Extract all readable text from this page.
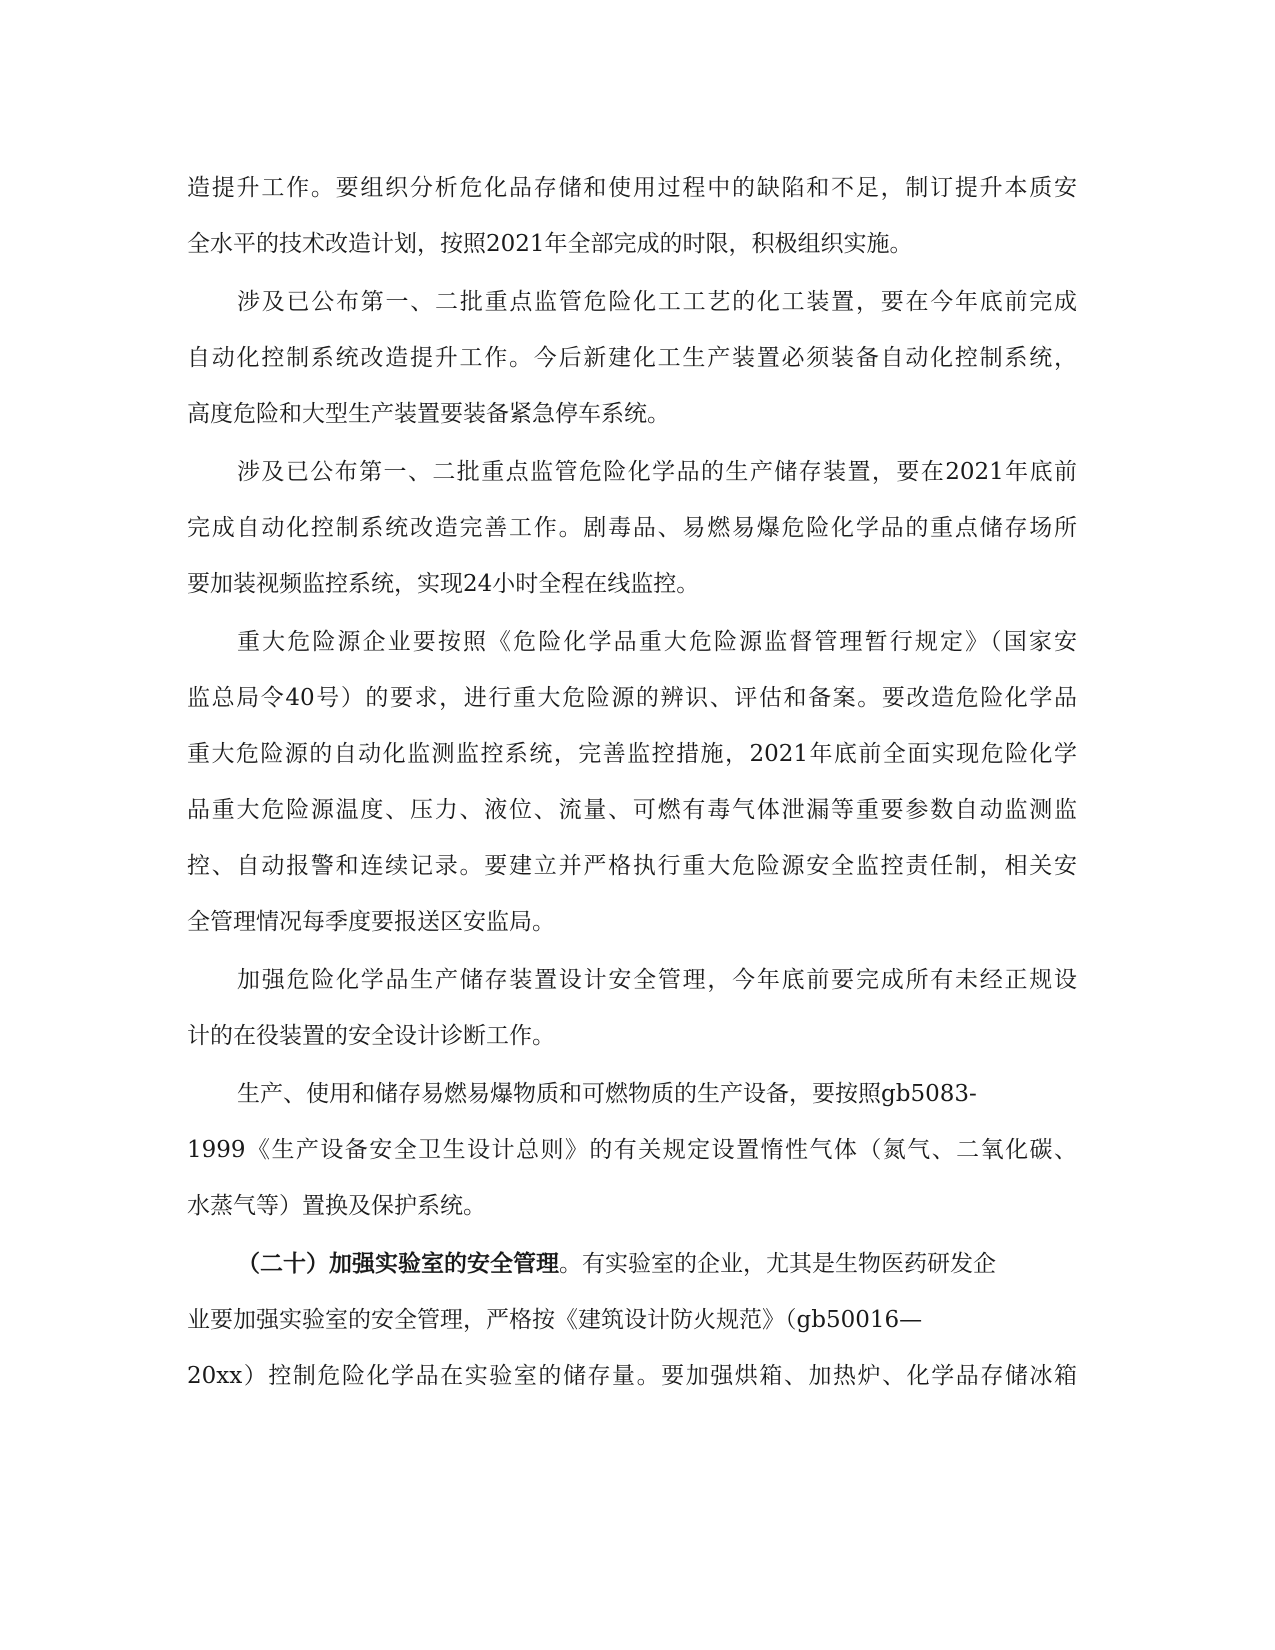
造提升工作。要组织分析危化品存储和使用过程中的缺陷和不足，制订提升本质安
全水平的技术改造计划，按照2021年全部完成的时限，积极组织实施。
涉及已公布第一、二批重点监管危险化工工艺的化工装置，要在今年底前完成
自动化控制系统改造提升工作。今后新建化工生产装置必须装备自动化控制系统，
高度危险和大型生产装置要装备紧急停车系统。
涉及已公布第一、二批重点监管危险化学品的生产储存装置，要在2021年底前
完成自动化控制系统改造完善工作。剧毒品、易燃易爆危险化学品的重点储存场所
要加装视频监控系统，实现24小时全程在线监控。
重大危险源企业要按照《危险化学品重大危险源监督管理暂行规定》（国家安
监总局令40号）的要求，进行重大危险源的辨识、评估和备案。要改造危险化学品
重大危险源的自动化监测监控系统，完善监控措施，2021年底前全面实现危险化学
品重大危险源温度、压力、液位、流量、可燃有毒气体泄漏等重要参数自动监测监
控、自动报警和连续记录。要建立并严格执行重大危险源安全监控责任制，相关安
全管理情况每季度要报送区安监局。
加强危险化学品生产储存装置设计安全管理，今年底前要完成所有未经正规设
计的在役装置的安全设计诊断工作。
生产、使用和储存易燃易爆物质和可燃物质的生产设备，要按照gb5083-
1999《生产设备安全卫生设计总则》的有关规定设置惰性气体（氮气、二氧化碳、
水蒸气等）置换及保护系统。
（二十）加强实验室的安全管理。有实验室的企业，尤其是生物医药研发企
业要加强实验室的安全管理，严格按《建筑设计防火规范》（gb50016—
20xx）控制危险化学品在实验室的储存量。要加强烘箱、加热炉、化学品存储冰箱
